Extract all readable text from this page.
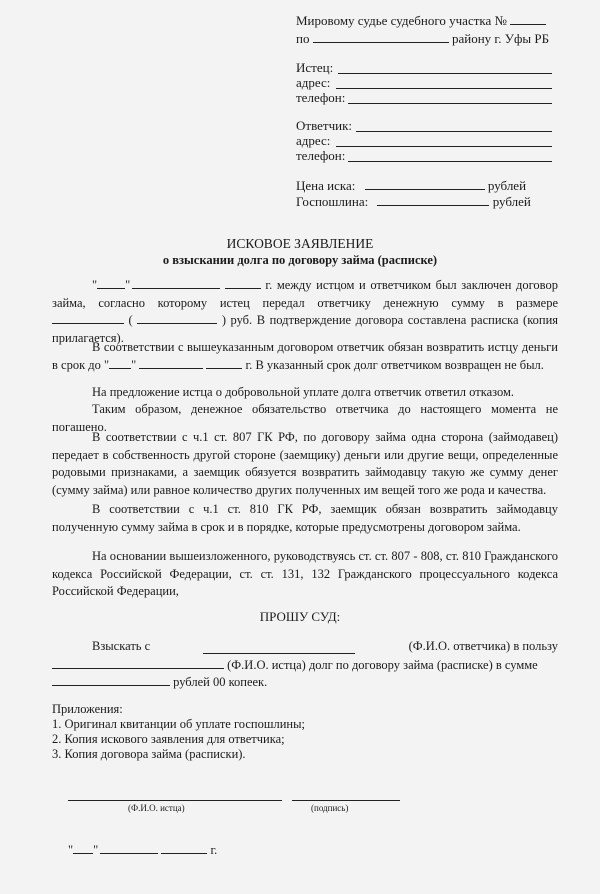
Мировому судье судебного участка №
по	району г. Уфы РБ
Истец:
адрес:
телефон:
Ответчик:
адрес:
телефон:
Цена иска:	рублей
Госпошлина:	рублей
ИСКОВОЕ ЗАЯВЛЕНИЕ
о взыскании долга по договору займа (расписке)
" "	г. между истцом и ответчиком был заключен договор займа, согласно которому истец передал ответчику денежную сумму в размере  (	) руб. В подтверждение договора составлена расписка (копия прилагается).
В соответствии с вышеуказанным договором ответчик обязан возвратить истцу деньги в срок до " "	г. В указанный срок долг ответчиком возвращен не был.
На предложение истца о добровольной уплате долга ответчик ответил отказом.
Таким образом, денежное обязательство ответчика до настоящего момента не погашено.
В соответствии с ч.1 ст. 807 ГК РФ, по договору займа одна сторона (займодавец) передает в собственность другой стороне (заемщику) деньги или другие вещи, определенные родовыми признаками, а заемщик обязуется возвратить займодавцу такую же сумму денег (сумму займа) или равное количество других полученных им вещей того же рода и качества.
В соответствии с ч.1 ст. 810 ГК РФ, заемщик обязан возвратить займодавцу полученную сумму займа в срок и в порядке, которые предусмотрены договором займа.
На основании вышеизложенного, руководствуясь ст. ст. 807 - 808, ст. 810 Гражданского кодекса Российской Федерации, ст. ст. 131, 132 Гражданского процессуального кодекса Российской Федерации,
ПРОШУ СУД:
Взыскать с	(Ф.И.О. ответчика) в пользу
(Ф.И.О. истца) долг по договору займа (расписке) в сумме
рублей 00 копеек.
Приложения:
1. Оригинал квитанции об уплате госпошлины;
2. Копия искового заявления для ответчика;
3. Копия договора займа (расписки).
(Ф.И.О. истца)	(подпись)
" "	г.
